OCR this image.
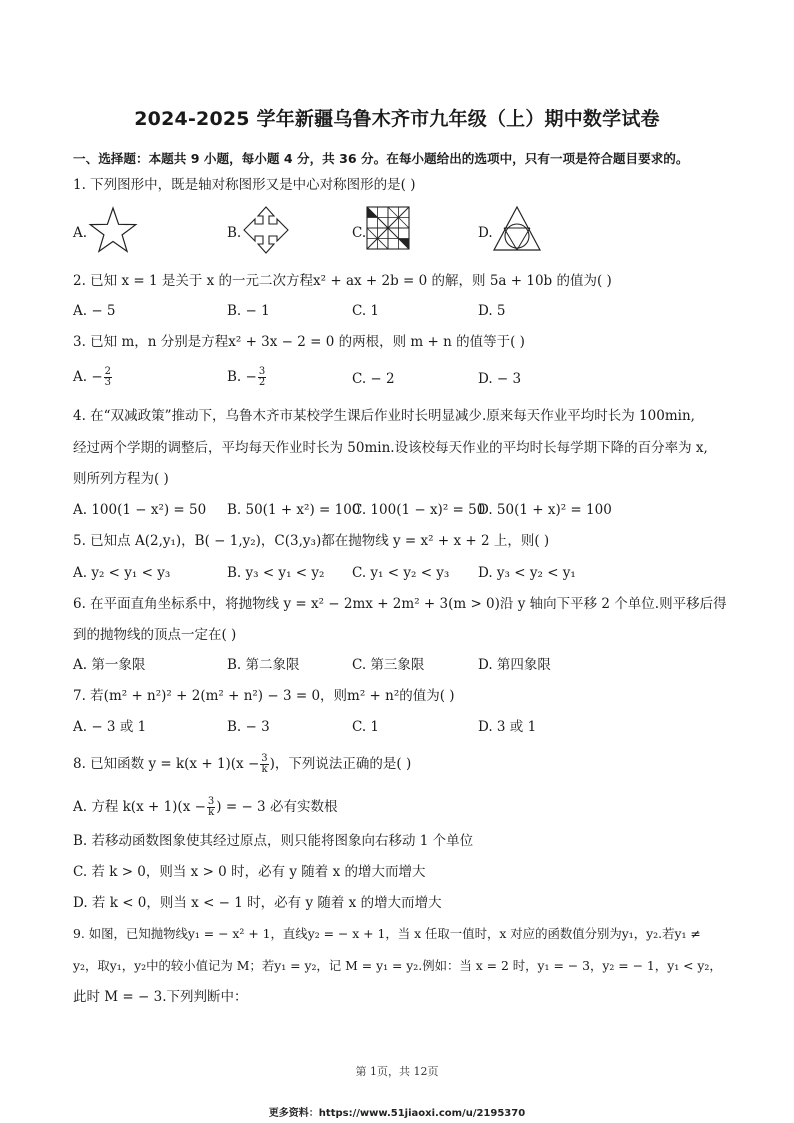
2024-2025 学年新疆乌鲁木齐市九年级（上）期中数学试卷
一、选择题：本题共 9 小题，每小题 4 分，共 36 分。在每小题给出的选项中，只有一项是符合题目要求的。
1. 下列图形中，既是轴对称图形又是中心对称图形的是( )
A.	B.	C.	D.
2. 已知 x = 1 是关于 x 的一元二次方程x² + ax + 2b = 0 的解，则 5a + 10b 的值为( )
A. − 5	B. − 1	C. 1	D. 5
3. 已知 m，n 分别是方程x² + 3x − 2 = 0 的两根，则 m + n 的值等于( )
A. − $\frac{2}{3}$	B. − $\frac{3}{2}$	C. − 2	D. − 3
4. 在“双减政策”推动下，乌鲁木齐市某校学生课后作业时长明显减少.原来每天作业平均时长为 100min,
经过两个学期的调整后，平均每天作业时长为 50min.设该校每天作业的平均时长每学期下降的百分率为 x,
则所列方程为( )
A. 100(1 − x²) = 50 B. 50(1 + x²) = 100
C. 100(1 − x)² = 50
D. 50(1 + x)² = 100
5. 已知点 A(2,y₁)，B( − 1,y₂)，C(3,y₃)都在抛物线 y = x² + x + 2 上，则( )
A. y₂ < y₁ < y₃	B. y₃ < y₁ < y₂ C. y₁ < y₂ < y₃ D. y₃ < y₂ < y₁
6. 在平面直角坐标系中，将抛物线 y = x² − 2mx + 2m² + 3(m > 0)沿 y 轴向下平移 2 个单位.则平移后得
到的抛物线的顶点一定在( )
A. 第一象限	B. 第二象限	C. 第三象限	D. 第四象限
7. 若(m² + n²)² + 2(m² + n²) − 3 = 0，则m² + n²的值为( )
A. − 3 或 1	B. − 3	C. 1	D. 3 或 1
8. 已知函数 $y = k(x + 1)(x - \frac{3}{k}$ )，下列说法正确的是( )
A. 方程 $k(x + 1)(x - \frac{3}{k}$ ) = − 3 必有实数根
B. 若移动函数图象使其经过原点，则只能将图象向右移动 1 个单位
C. 若 k > 0，则当 x > 0 时，必有 y 随着 x 的增大而增大
D. 若 k < 0，则当 x < − 1 时，必有 y 随着 x 的增大而增大
9. 如图，已知抛物线y₁ = − x² + 1，直线y₂ = − x + 1，当 x 任取一值时，x 对应的函数值分别为y₁，y₂.若y₁ ≠
y₂，取y₁，y₂中的较小值记为 M；若y₁ = y₂，记 M = y₁ = y₂.例如：当 x = 2 时，y₁ = − 3，y₂ = − 1，y₁ < y₂，
此时 M = − 3.下列判断中：
第 1页，共 12页
更多资料：https://www.51jiaoxi.com/u/2195370
